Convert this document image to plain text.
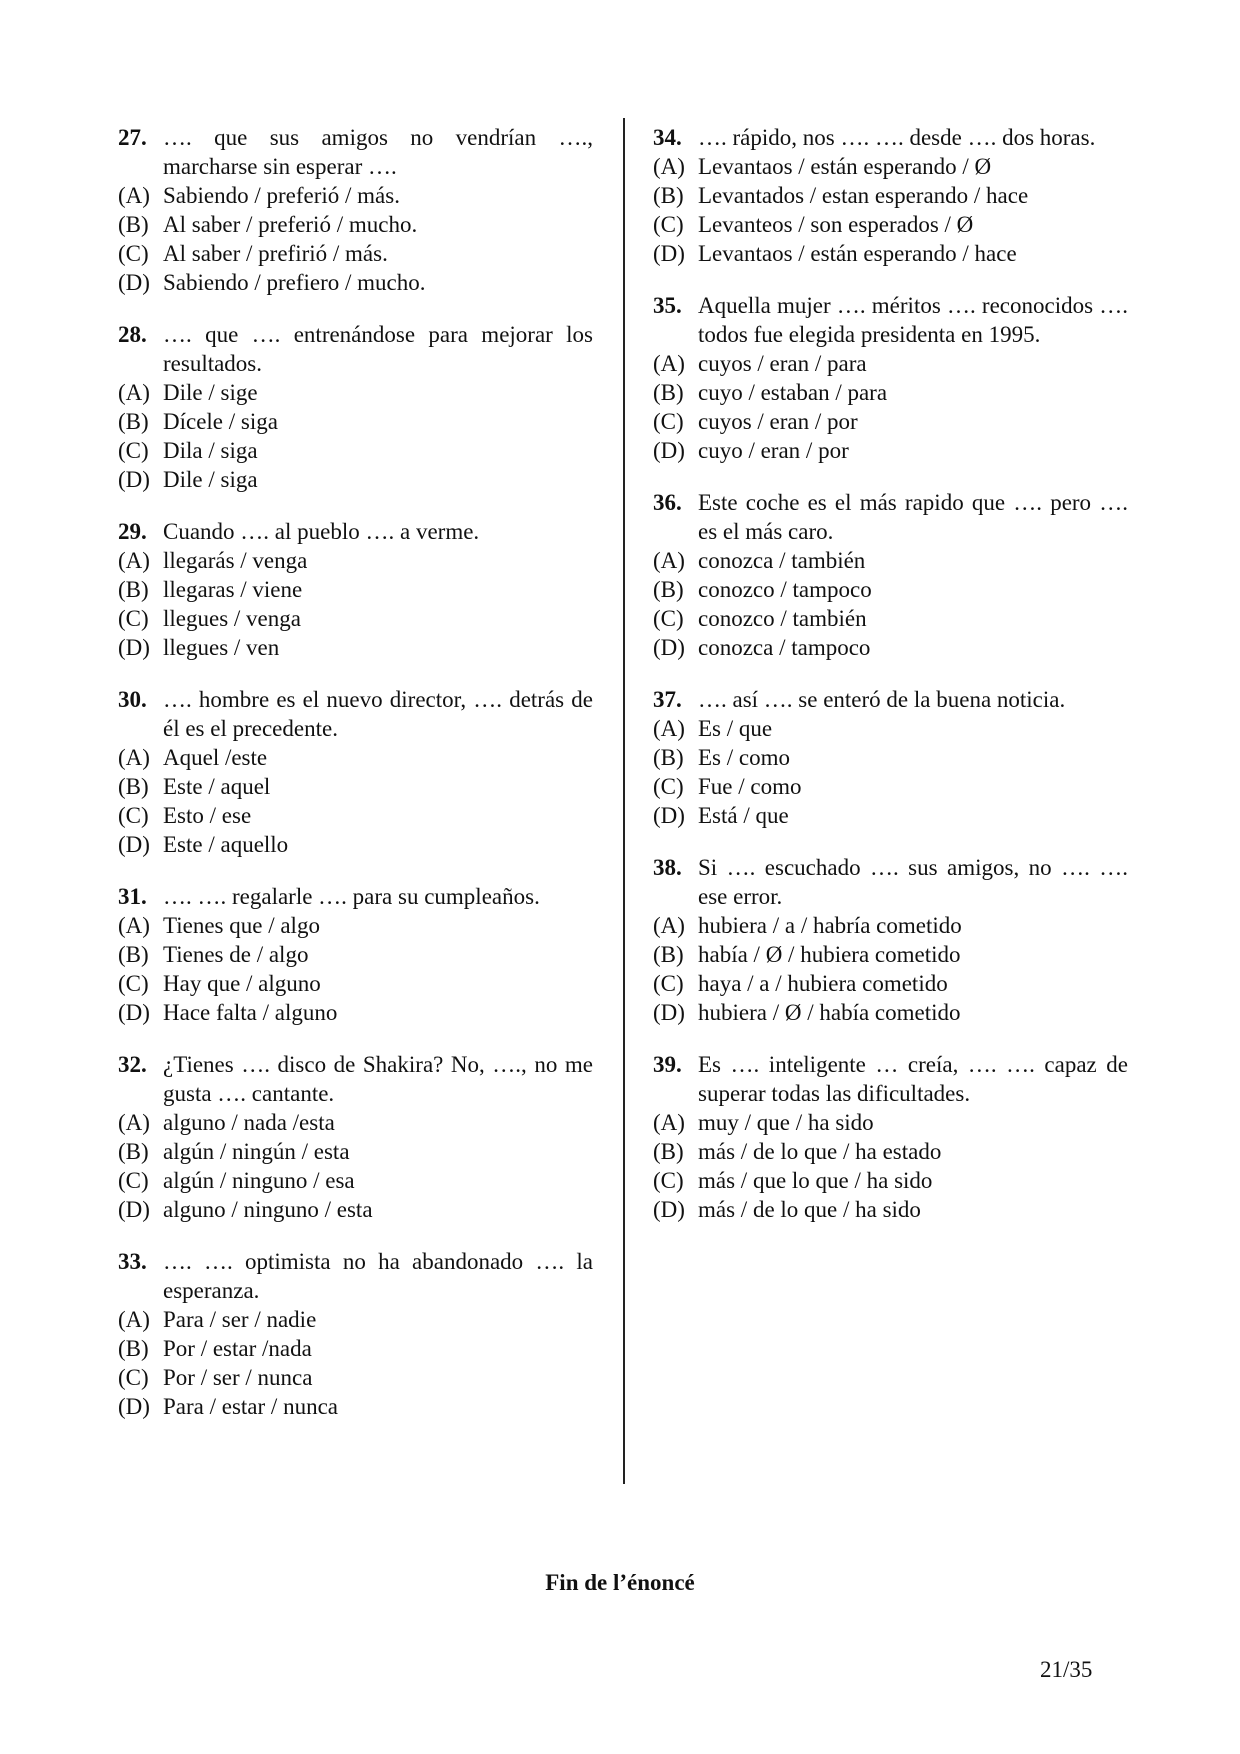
27. …. que sus amigos no vendrían …., marcharse sin esperar ….
(A) Sabiendo / preferió / más.
(B) Al saber / preferió / mucho.
(C) Al saber / prefirió / más.
(D) Sabiendo / prefiero / mucho.
28. …. que …. entrenándose para mejorar los resultados.
(A) Dile / sige
(B) Dícele / siga
(C) Dila / siga
(D) Dile / siga
29. Cuando …. al pueblo …. a verme.
(A) llegarás / venga
(B) llegaras / viene
(C) llegues / venga
(D) llegues / ven
30. …. hombre es el nuevo director, …. detrás de él es el precedente.
(A) Aquel /este
(B) Este / aquel
(C) Esto / ese
(D) Este / aquello
31. …. …. regalarle …. para su cumpleaños.
(A) Tienes que / algo
(B) Tienes de / algo
(C) Hay que / alguno
(D) Hace falta / alguno
32. ¿Tienes …. disco de Shakira? No, …., no me gusta …. cantante.
(A) alguno / nada /esta
(B) algún / ningún / esta
(C) algún / ninguno / esa
(D) alguno / ninguno / esta
33. …. …. optimista no ha abandonado …. la esperanza.
(A) Para / ser / nadie
(B) Por / estar /nada
(C) Por / ser / nunca
(D) Para / estar / nunca
34. …. rápido, nos …. …. desde …. dos horas.
(A) Levantaos / están esperando / Ø
(B) Levantados / estan esperando / hace
(C) Levanteos / son esperados / Ø
(D) Levantaos / están esperando / hace
35. Aquella mujer …. méritos …. reconocidos …. todos fue elegida presidenta en 1995.
(A) cuyos / eran / para
(B) cuyo / estaban / para
(C) cuyos / eran / por
(D) cuyo / eran / por
36. Este coche es el más rapido que …. pero …. es el más caro.
(A) conozca / también
(B) conozco / tampoco
(C) conozco / también
(D) conozca / tampoco
37. …. así …. se enteró de la buena noticia.
(A) Es / que
(B) Es / como
(C) Fue / como
(D) Está / que
38. Si …. escuchado …. sus amigos, no …. …. ese error.
(A) hubiera / a / habría cometido
(B) había / Ø / hubiera cometido
(C) haya / a / hubiera cometido
(D) hubiera / Ø / había cometido
39. Es …. inteligente … creía, …. …. capaz de superar todas las dificultades.
(A) muy / que / ha sido
(B) más / de lo que / ha estado
(C) más / que lo que / ha sido
(D) más / de lo que / ha sido
Fin de l’énoncé
21/35
